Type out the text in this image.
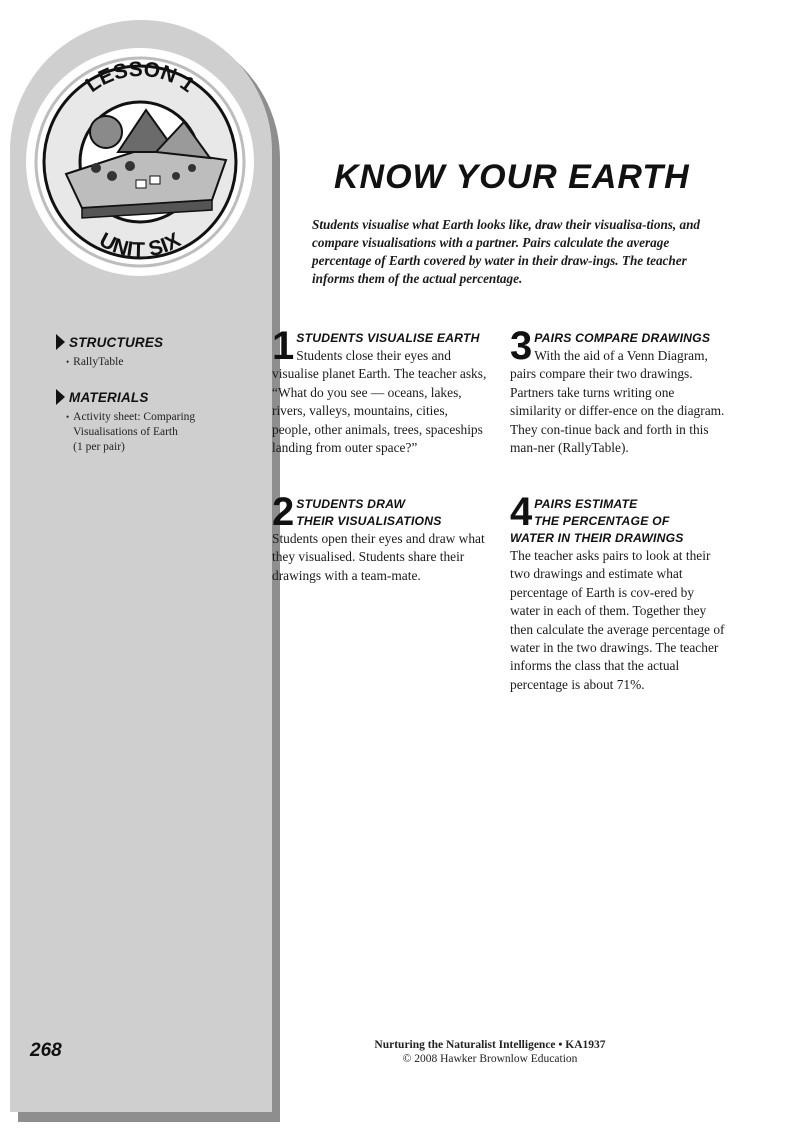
LESSON 1
UNIT SIX
STRUCTURES
• RallyTable
MATERIALS
• Activity sheet: Comparing
Visualisations of Earth
(1 per pair)
268
KNOW YOUR EARTH
Students visualise what Earth looks like, draw their visualisa-tions, and compare visualisations with a partner. Pairs calculate the average percentage of Earth covered by water in their draw-ings. The teacher informs them of the actual percentage.
1 STUDENTS VISUALISE EARTH

Students close their eyes and visualise planet Earth. The teacher asks, “What do you see — oceans, lakes, rivers, valleys, mountains, cities, people, other animals, trees, spaceships landing from outer space?”

2 STUDENTS DRAW
THEIR VISUALISATIONS

Students open their eyes and draw what they visualised. Students share their drawings with a team-mate.

3 PAIRS COMPARE DRAWINGS

With the aid of a Venn Diagram, pairs compare their two drawings. Partners take turns writing one similarity or differ-ence on the diagram. They con-tinue back and forth in this man-ner (RallyTable).

4 PAIRS ESTIMATE
THE PERCENTAGE OF
WATER IN THEIR DRAWINGS

The teacher asks pairs to look at their two drawings and estimate what percentage of Earth is cov-ered by water in each of them. Together they then calculate the average percentage of water in the two drawings. The teacher informs the class that the actual percentage is about 71%.

Nurturing the Naturalist Intelligence • KA1937
© 2008 Hawker Brownlow Education
